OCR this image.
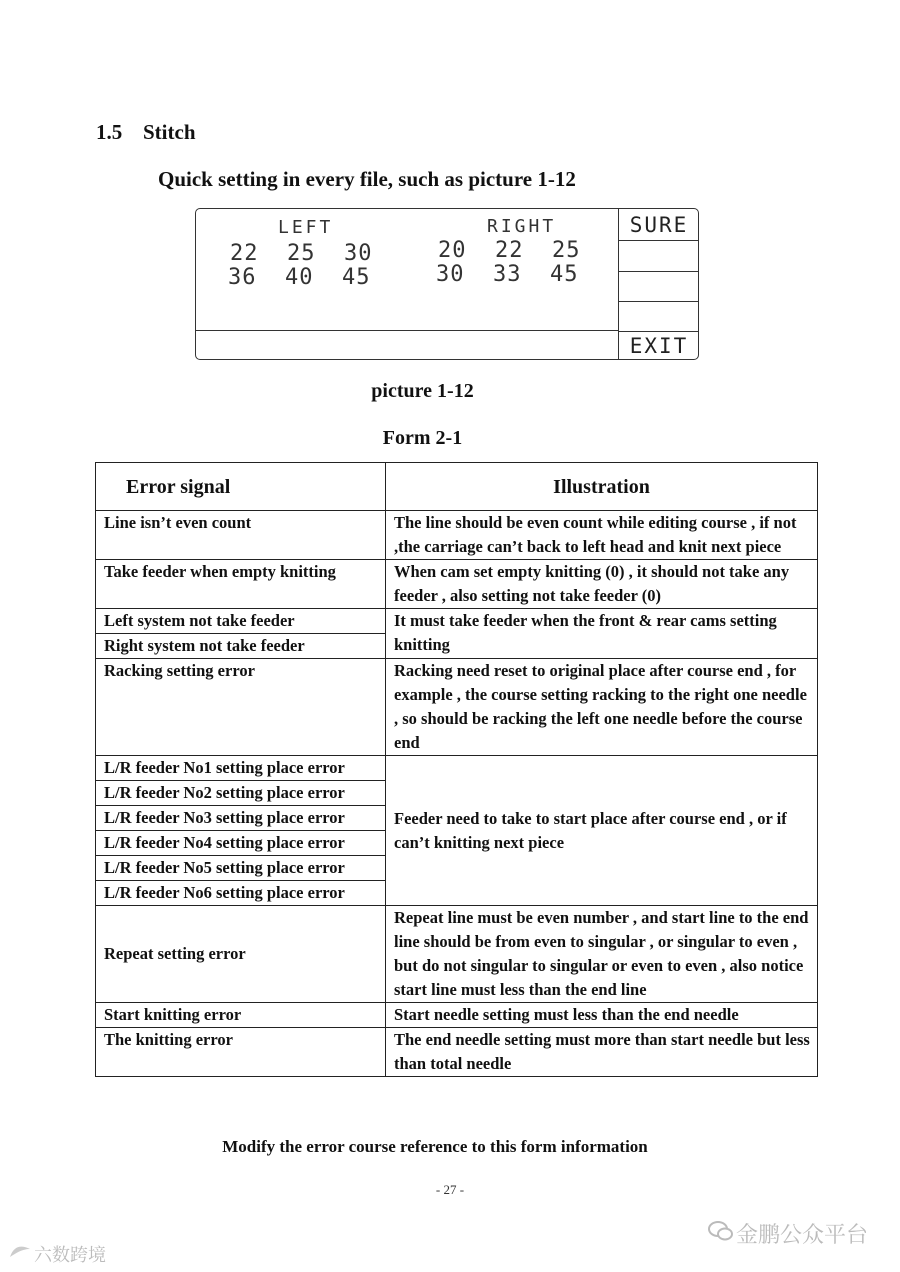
1.5 Stitch
Quick setting in every file, such as picture 1-12
SURE
EXIT
LEFT	RIGHT
22  25  30
36  40  45
20  22  25
30  33  45
picture 1-12
Form 2-1
Error signal	Illustration
Line isn’t even count	The line should be even count while editing course , if not ,the carriage can’t back to left head and knit next piece
Take feeder when empty knitting	When cam set empty knitting (0) , it should not take any feeder , also setting not take feeder (0)
Left system not take feeder	It must take feeder when the front & rear cams setting knitting
Right system not take feeder	
Racking setting error	Racking need reset to original place after course end , for example , the course setting racking to the right one needle , so should be racking the left one needle before the course end
L/R feeder No1 setting place error	Feeder need to take to start place after course end , or if can’t knitting next piece
L/R feeder No2 setting place error	
L/R feeder No3 setting place error	
L/R feeder No4 setting place error	
L/R feeder No5 setting place error	
L/R feeder No6 setting place error	
Repeat setting error	Repeat line must be even number , and start line to the end line should be from even to singular , or singular to even , but do not singular to singular or even to even , also notice start line must less than the end line
Start knitting error	Start needle setting must less than the end needle
The knitting error	The end needle setting must more than start needle but less than total needle
Modify the error course reference to this form information
- 27 -
金鹏公众平台
六数跨境
